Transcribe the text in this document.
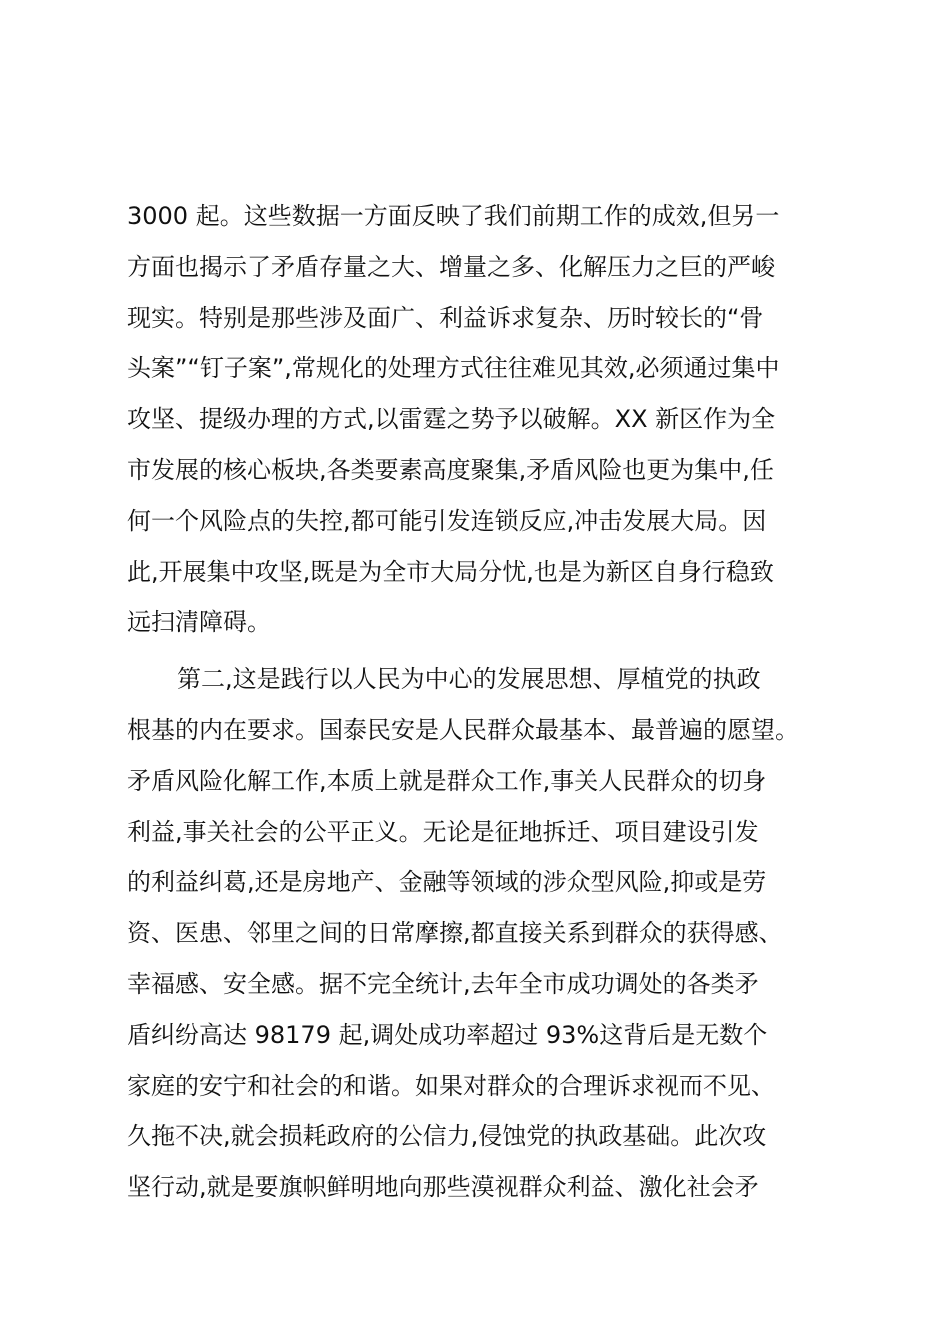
3000 起。这些数据一方面反映了我们前期工作的成效,但另一
方面也揭示了矛盾存量之大、增量之多、化解压力之巨的严峻
现实。特别是那些涉及面广、利益诉求复杂、历时较长的“骨
头案”“钉子案”,常规化的处理方式往往难见其效,必须通过集中
攻坚、提级办理的方式,以雷霆之势予以破解。XX 新区作为全
市发展的核心板块,各类要素高度聚集,矛盾风险也更为集中,任
何一个风险点的失控,都可能引发连锁反应,冲击发展大局。因
此,开展集中攻坚,既是为全市大局分忧,也是为新区自身行稳致
远扫清障碍。
第二,这是践行以人民为中心的发展思想、厚植党的执政
根基的内在要求。国泰民安是人民群众最基本、最普遍的愿望。
矛盾风险化解工作,本质上就是群众工作,事关人民群众的切身
利益,事关社会的公平正义。无论是征地拆迁、项目建设引发
的利益纠葛,还是房地产、金融等领域的涉众型风险,抑或是劳
资、医患、邻里之间的日常摩擦,都直接关系到群众的获得感、
幸福感、安全感。据不完全统计,去年全市成功调处的各类矛
盾纠纷高达 98179 起,调处成功率超过 93%这背后是无数个
家庭的安宁和社会的和谐。如果对群众的合理诉求视而不见、
久拖不决,就会损耗政府的公信力,侵蚀党的执政基础。此次攻
坚行动,就是要旗帜鲜明地向那些漠视群众利益、激化社会矛
